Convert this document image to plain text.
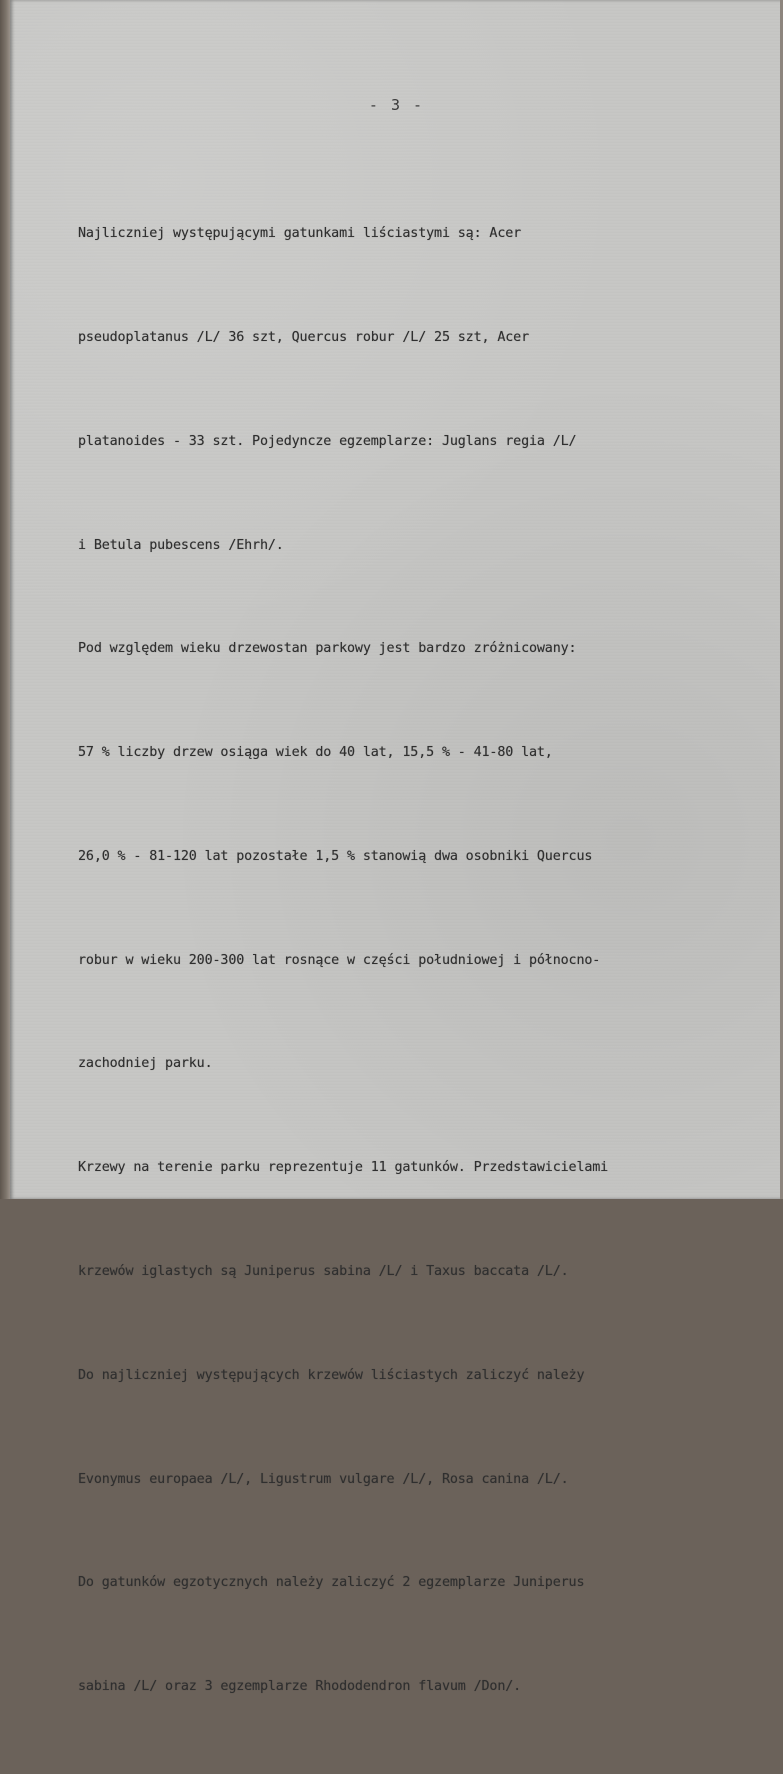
- 3 -

Najliczniej występującymi gatunkami liściastymi są: Acer

pseudoplatanus /L/ 36 szt, Quercus robur /L/ 25 szt, Acer

platanoides - 33 szt. Pojedyncze egzemplarze: Juglans regia /L/

i Betula pubescens /Ehrh/.

Pod względem wieku drzewostan parkowy jest bardzo zróżnicowany:

57 % liczby drzew osiąga wiek do 40 lat, 15,5 % - 41-80 lat,

26,0 % - 81-120 lat pozostałe 1,5 % stanowią dwa osobniki Quercus

robur w wieku 200-300 lat rosnące w części południowej i północno-

zachodniej parku.

Krzewy na terenie parku reprezentuje 11 gatunków. Przedstawicielami

krzewów iglastych są Juniperus sabina /L/ i Taxus baccata /L/.

Do najliczniej występujących krzewów liściastych zaliczyć należy

Evonymus europaea /L/, Ligustrum vulgare /L/, Rosa canina /L/.

Do gatunków egzotycznych należy zaliczyć 2 egzemplarze Juniperus

sabina /L/ oraz 3 egzemplarze Rhododendron flavum /Don/.
